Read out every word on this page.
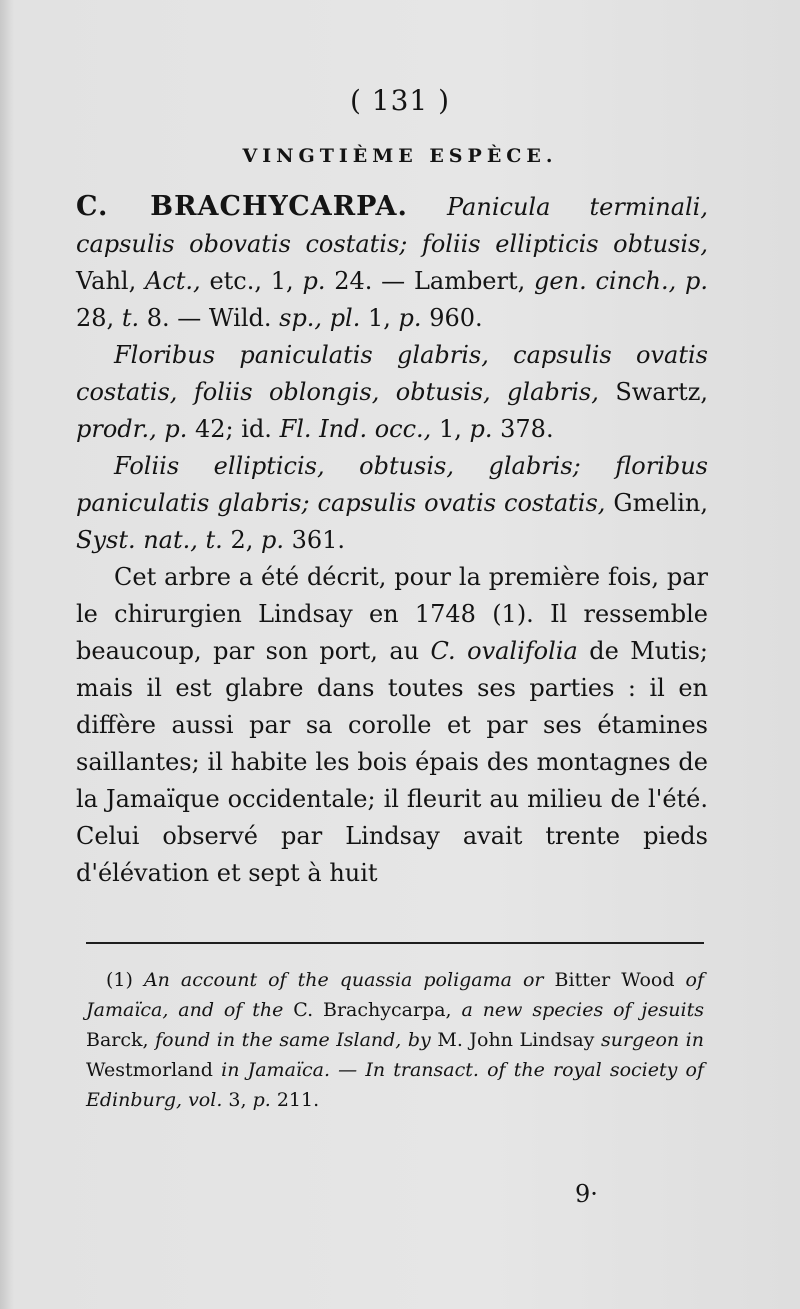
( 131 )
VINGTIÈME ESPÈCE.

C. BRACHYCARPA. Panicula terminali, capsulis obovatis costatis; foliis ellipticis obtusis, Vahl, Act., etc., 1, p. 24. — Lambert, gen. cinch., p. 28, t. 8. — Wild. sp., pl. 1, p. 960.

Floribus paniculatis glabris, capsulis ovatis costatis, foliis oblongis, obtusis, glabris, Swartz, prodr., p. 42; id. Fl. Ind. occ., 1, p. 378.

Foliis ellipticis, obtusis, glabris; floribus paniculatis glabris; capsulis ovatis costatis, Gmelin, Syst. nat., t. 2, p. 361.

Cet arbre a été décrit, pour la première fois, par le chirurgien Lindsay en 1748 (1). Il ressemble beaucoup, par son port, au C. ovalifolia de Mutis; mais il est glabre dans toutes ses parties : il en diffère aussi par sa corolle et par ses étamines saillantes; il habite les bois épais des montagnes de la Jamaïque occidentale; il fleurit au milieu de l'été. Celui observé par Lindsay avait trente pieds d'élévation et sept à huit

(1) An account of the quassia poligama or Bitter Wood of Jamaïca, and of the C. Brachycarpa, a new species of jesuits Barck, found in the same Island, by M. John Lindsay surgeon in Westmorland in Jamaïca. — In transact. of the royal society of Edinburg, vol. 3, p. 211.

9·
